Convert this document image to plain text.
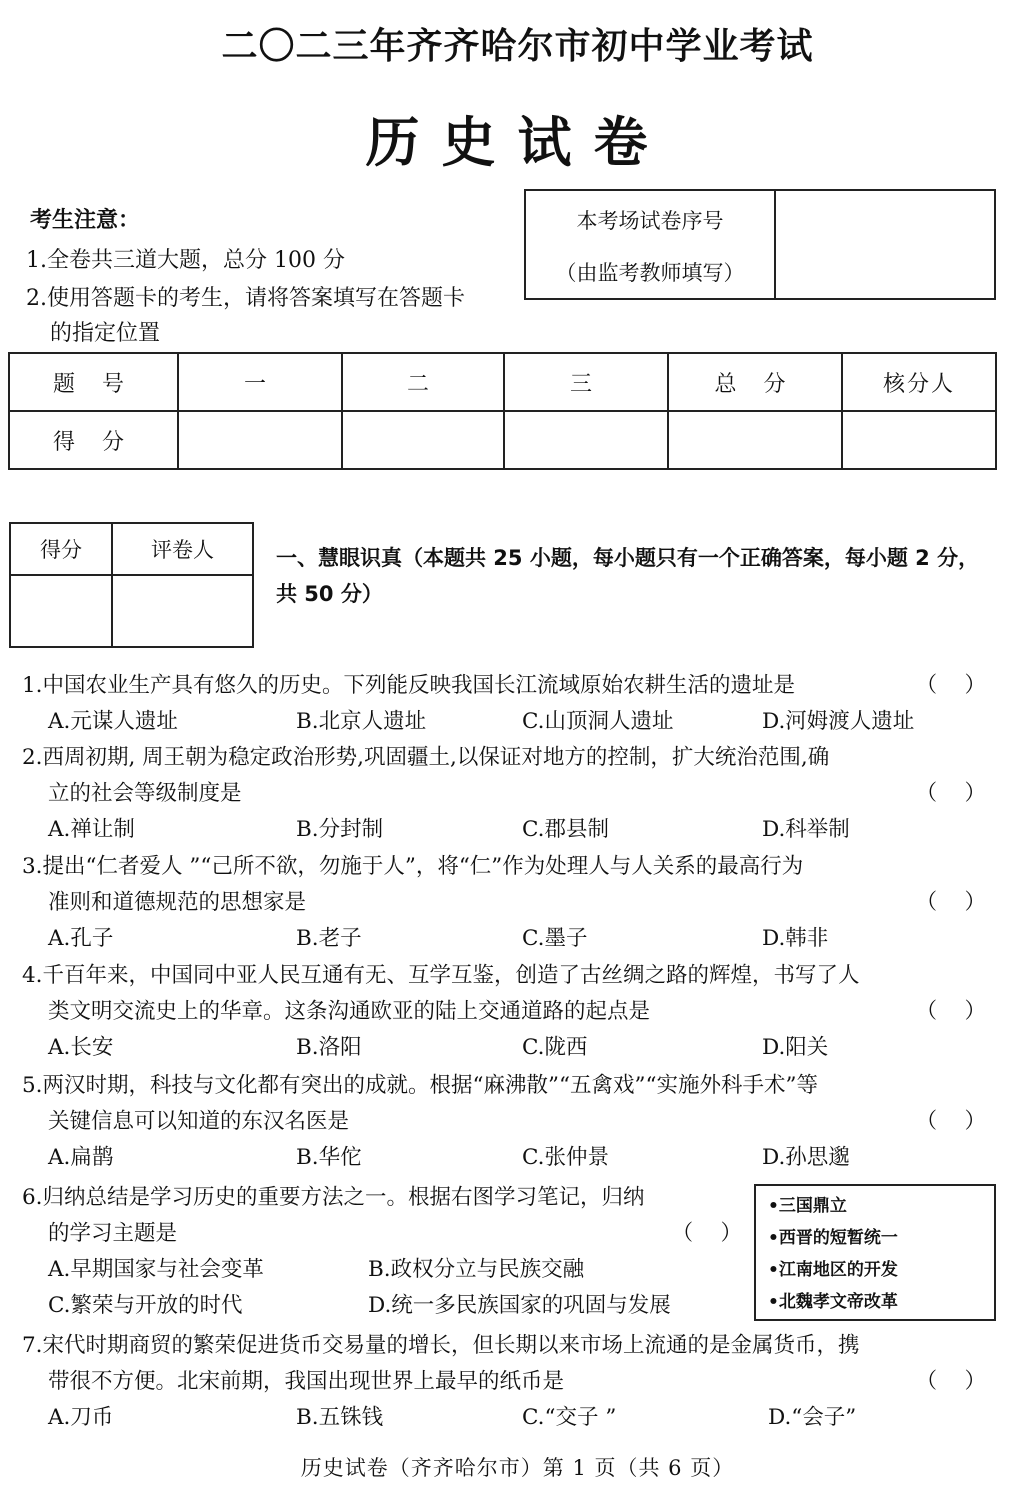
二〇二三年齐齐哈尔市初中学业考试
历史试卷
考生注意：
1.全卷共三道大题，总分 100 分
2.使用答题卡的考生，请将答案填写在答题卡
的指定位置
本考场试卷序号
（由监考教师填写）
题 号	一	二	三	总 分	核分人
得 分					
得分	评卷人
		一、慧眼识真（本题共 25 小题，每小题只有一个正确答案，每小题 2 分，共 50 分）
1.中国农业生产具有悠久的历史。下列能反映我国长江流域原始农耕生活的遗址是	（    ）
A.元谋人遗址	B.北京人遗址	C.山顶洞人遗址	D.河姆渡人遗址
2.西周初期, 周王朝为稳定政治形势,巩固疆土,以保证对地方的控制，扩大统治范围,确
立的社会等级制度是	（    ）
A.禅让制	B.分封制	C.郡县制	D.科举制
3.提出“仁者爱人 ”“己所不欲，勿施于人”，将“仁”作为处理人与人关系的最高行为
准则和道德规范的思想家是	（    ）
A.孔子	B.老子	C.墨子	D.韩非
4.千百年来，中国同中亚人民互通有无、互学互鉴，创造了古丝绸之路的辉煌，书写了人
类文明交流史上的华章。这条沟通欧亚的陆上交通道路的起点是	（    ）
A.长安	B.洛阳	C.陇西	D.阳关
5.两汉时期，科技与文化都有突出的成就。根据“麻沸散”“五禽戏”“实施外科手术”等
关键信息可以知道的东汉名医是	（    ）
A.扁鹊	B.华佗	C.张仲景	D.孙思邈
6.归纳总结是学习历史的重要方法之一。根据右图学习笔记，归纳
的学习主题是	（    ）
A.早期国家与社会变革	B.政权分立与民族交融
C.繁荣与开放的时代	D.统一多民族国家的巩固与发展
•三国鼎立
•西晋的短暂统一
•江南地区的开发
•北魏孝文帝改革
7.宋代时期商贸的繁荣促进货币交易量的增长，但长期以来市场上流通的是金属货币，携
带很不方便。北宋前期，我国出现世界上最早的纸币是	（    ）
A.刀币	B.五铢钱	C.“交子 ”	D.“会子”
历史试卷（齐齐哈尔市）第 1 页（共 6 页）
